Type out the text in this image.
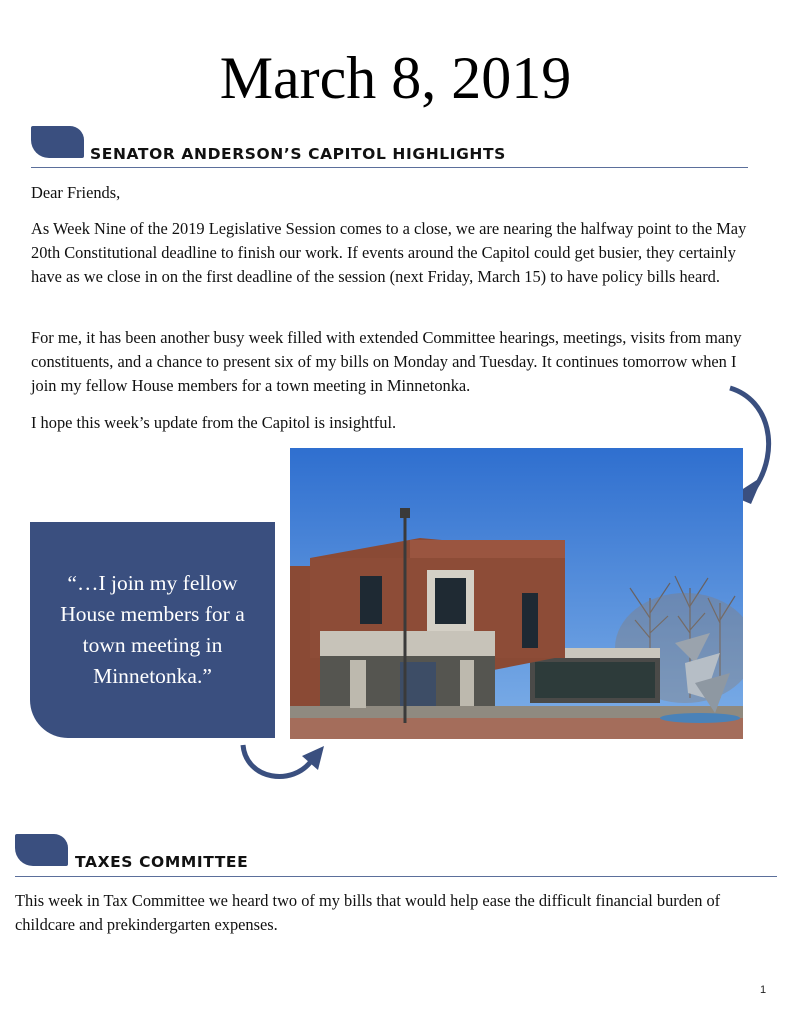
March 8, 2019
SENATOR ANDERSON’S CAPITOL HIGHLIGHTS

Dear Friends,

As Week Nine of the 2019 Legislative Session comes to a close, we are nearing the halfway point to the May 20th Constitutional deadline to finish our work. If events around the Capitol could get busier, they certainly have as we close in on the first deadline of the session (next Friday, March 15) to have policy bills heard.

For me, it has been another busy week filled with extended Committee hearings, meetings, visits from many constituents, and a chance to present six of my bills on Monday and Tuesday. It continues tomorrow when I join my fellow House members for a town meeting in Minnetonka.

I hope this week’s update from the Capitol is insightful.

“…I join my fellow House members for a town meeting in Minnetonka.”

TAXES COMMITTEE

This week in Tax Committee we heard two of my bills that would help ease the difficult financial burden of childcare and prekindergarten expenses.

1
